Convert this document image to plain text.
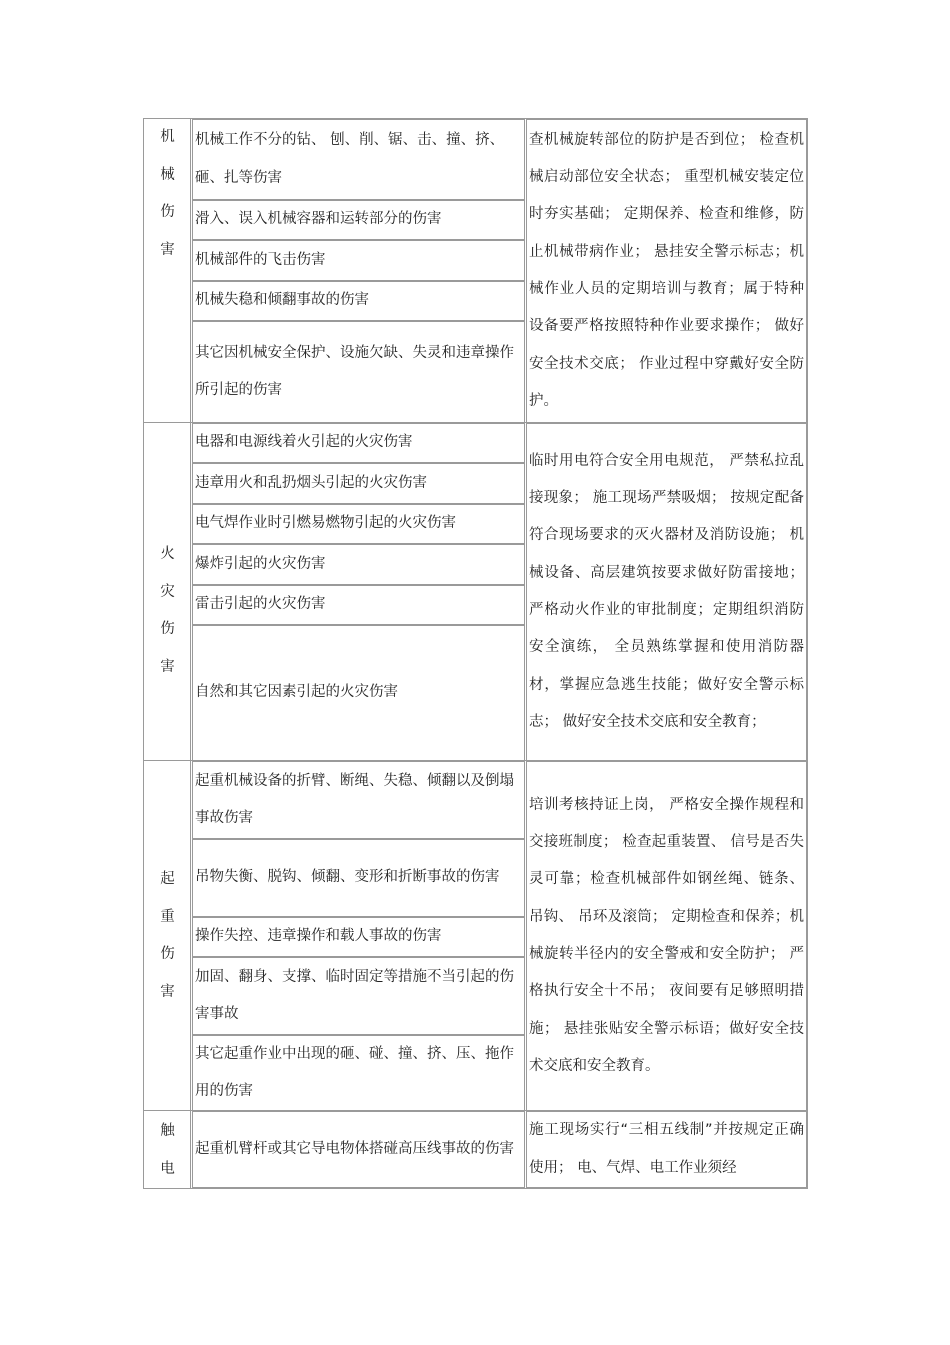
机
械
伤
害
机械工作不分的钻、 刨、削、锯、击、撞、挤、砸、扎等伤害
滑入、误入机械容器和运转部分的伤害
机械部件的飞击伤害
机械失稳和倾翻事故的伤害
其它因机械安全保护、设施欠缺、失灵和违章操作所引起的伤害
查机械旋转部位的防护是否到位； 检查机械启动部位安全状态； 重型机械安装定位时夯实基础； 定期保养、检查和维修，防止机械带病作业； 悬挂安全警示标志；机械作业人员的定期培训与教育；属于特种设备要严格按照特种作业要求操作； 做好安全技术交底； 作业过程中穿戴好安全防护。
火
灾
伤
害
电器和电源线着火引起的火灾伤害
违章用火和乱扔烟头引起的火灾伤害
电气焊作业时引燃易燃物引起的火灾伤害
爆炸引起的火灾伤害
雷击引起的火灾伤害
自然和其它因素引起的火灾伤害
临时用电符合安全用电规范， 严禁私拉乱接现象； 施工现场严禁吸烟； 按规定配备符合现场要求的灭火器材及消防设施； 机械设备、高层建筑按要求做好防雷接地；严格动火作业的审批制度；定期组织消防安全演练， 全员熟练掌握和使用消防器材，掌握应急逃生技能；做好安全警示标志； 做好安全技术交底和安全教育；
起
重
伤
害
起重机械设备的折臂、断绳、失稳、倾翻以及倒塌事故伤害
吊物失衡、脱钩、倾翻、变形和折断事故的伤害
操作失控、违章操作和载人事故的伤害
加固、翻身、支撑、临时固定等措施不当引起的伤害事故
其它起重作业中出现的砸、碰、撞、挤、压、拖作用的伤害
培训考核持证上岗， 严格安全操作规程和交接班制度； 检查起重装置、 信号是否失灵可靠；检查机械部件如钢丝绳、链条、 吊钩、 吊环及滚筒； 定期检查和保养；机械旋转半径内的安全警戒和安全防护； 严格执行安全十不吊； 夜间要有足够照明措施； 悬挂张贴安全警示标语；做好安全技术交底和安全教育。
触
电
起重机臂杆或其它导电物体搭碰高压线事故的伤害
施工现场实行“三相五线制”并按规定正确使用； 电、气焊、电工作业须经
